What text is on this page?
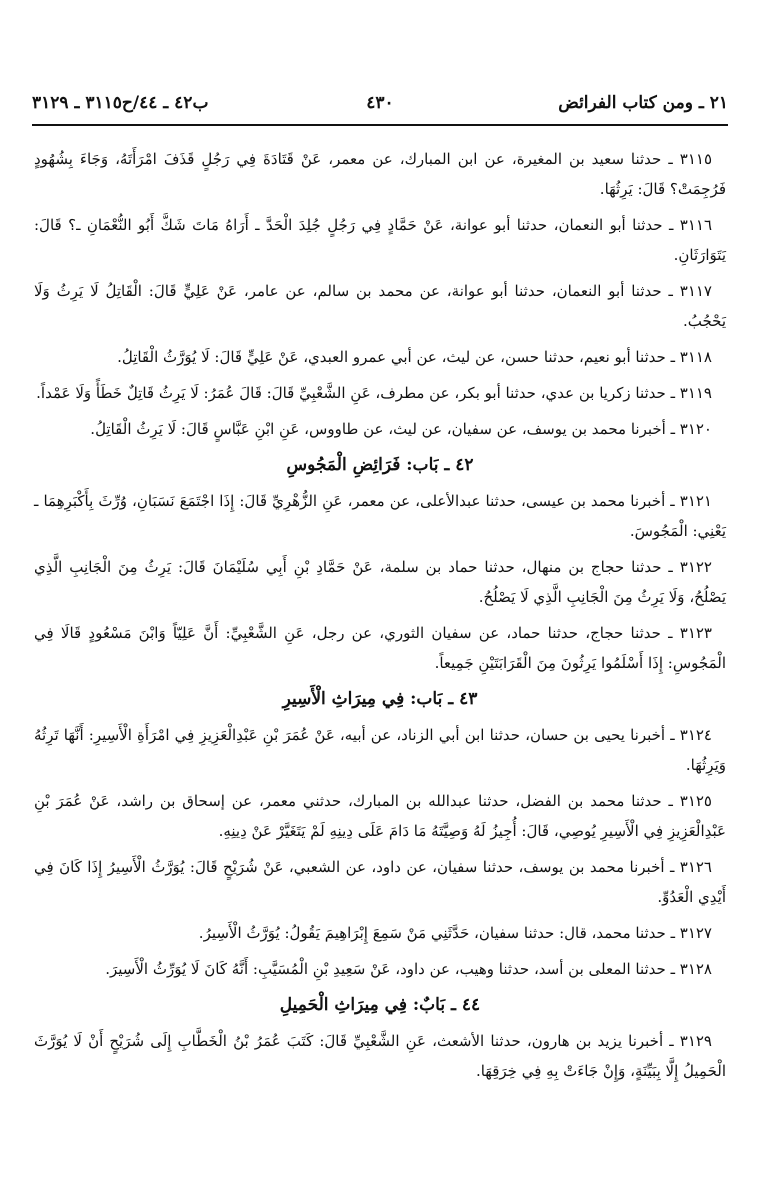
٢١ ـ ومن كتاب الفرائض
٤٣٠
ب٤٢ ـ ٤٤/ح٣١١٥ ـ ٣١٢٩

٣١١٥ ـ حدثنا سعيد بن المغيرة، عن ابن المبارك، عن معمر، عَنْ قَتَادَةَ فِي رَجُلٍ قَذَفَ امْرَأَتَهُ، وَجَاءَ بِشُهُودٍ فَرُجِمَتْ؟ قَالَ: يَرِثُهَا.

٣١١٦ ـ حدثنا أبو النعمان، حدثنا أبو عوانة، عَنْ حَمَّادٍ فِي رَجُلٍ جُلِدَ الْحَدَّ ـ أَرَاهُ مَاتَ شَكَّ أَبُو النُّعْمَانِ ـ؟ قَالَ: يَتَوَارَثَانِ.

٣١١٧ ـ حدثنا أبو النعمان، حدثنا أبو عوانة، عن محمد بن سالم، عن عامر، عَنْ عَلِيٍّ قَالَ: الْقَاتِلُ لَا يَرِثُ وَلَا يَحْجُبُ.

٣١١٨ ـ حدثنا أبو نعيم، حدثنا حسن، عن ليث، عن أبي عمرو العبدي، عَنْ عَلِيٍّ قَالَ: لَا يُوَرَّثُ الْقَاتِلُ.

٣١١٩ ـ حدثنا زكريا بن عدي، حدثنا أبو بكر، عن مطرف، عَنِ الشَّعْبِيِّ قَالَ: قَالَ عُمَرُ: لَا يَرِثُ قَاتِلٌ خَطَأً وَلَا عَمْداً.

٣١٢٠ ـ أخبرنا محمد بن يوسف، عن سفيان، عن ليث، عن طاووس، عَنِ ابْنِ عَبَّاسٍ قَالَ: لَا يَرِثُ الْقَاتِلُ.

٤٢ ـ بَاب: فَرَائِضِ الْمَجُوسِ

٣١٢١ ـ أخبرنا محمد بن عيسى، حدثنا عبدالأعلى، عن معمر، عَنِ الزُّهْرِيِّ قَالَ: إِذَا اجْتَمَعَ نَسَبَانِ، وُرِّثَ بِأَكْبَرِهِمَا ـ يَعْنِي: الْمَجُوسَ.

٣١٢٢ ـ حدثنا حجاج بن منهال، حدثنا حماد بن سلمة، عَنْ حَمَّادِ بْنِ أَبِي سُلَيْمَانَ قَالَ: يَرِثُ مِنَ الْجَانِبِ الَّذِي يَصْلُحُ، وَلَا يَرِثُ مِنَ الْجَانِبِ الَّذِي لَا يَصْلُحُ.

٣١٢٣ ـ حدثنا حجاج، حدثنا حماد، عن سفيان الثوري، عن رجل، عَنِ الشَّعْبِيِّ: أَنَّ عَلِيّاً وَابْنَ مَسْعُودٍ قَالَا فِي الْمَجُوسِ: إِذَا أَسْلَمُوا يَرِثُونَ مِنَ الْقَرَابَتَيْنِ جَمِيعاً.

٤٣ ـ بَاب: فِي مِيرَاثِ الْأَسِيرِ

٣١٢٤ ـ أخبرنا يحيى بن حسان، حدثنا ابن أبي الزناد، عن أبيه، عَنْ عُمَرَ بْنِ عَبْدِالْعَزِيزِ فِي امْرَأَةِ الْأَسِيرِ: أَنَّهَا تَرِثُهُ وَيَرِثُهَا.

٣١٢٥ ـ حدثنا محمد بن الفضل، حدثنا عبدالله بن المبارك، حدثني معمر، عن إسحاق بن راشد، عَنْ عُمَرَ بْنِ عَبْدِالْعَزِيزِ فِي الْأَسِيرِ يُوصِي، قَالَ: أُجِيزُ لَهُ وَصِيَّتَهُ مَا دَامَ عَلَى دِينِهِ لَمْ يَتَغَيَّرْ عَنْ دِينِهِ.

٣١٢٦ ـ أخبرنا محمد بن يوسف، حدثنا سفيان، عن داود، عن الشعبي، عَنْ شُرَيْحٍ قَالَ: يُوَرَّثُ الْأَسِيرُ إِذَا كَانَ فِي أَيْدِي الْعَدُوِّ.

٣١٢٧ ـ حدثنا محمد، قال: حدثنا سفيان، حَدَّثَنِي مَنْ سَمِعَ إِبْرَاهِيمَ يَقُولُ: يُوَرَّثُ الْأَسِيرُ.

٣١٢٨ ـ حدثنا المعلى بن أسد، حدثنا وهيب، عن داود، عَنْ سَعِيدِ بْنِ الْمُسَيَّبِ: أَنَّهُ كَانَ لَا يُوَرِّثُ الْأَسِيرَ.

٤٤ ـ بَابٌ: فِي مِيرَاثِ الْحَمِيلِ

٣١٢٩ ـ أخبرنا يزيد بن هارون، حدثنا الأشعث، عَنِ الشَّعْبِيِّ قَالَ: كَتَبَ عُمَرُ بْنُ الْخَطَّابِ إِلَى شُرَيْحٍ أَنْ لَا يُوَرَّثَ الْحَمِيلُ إِلَّا بِبَيِّنَةٍ، وَإِنْ جَاءَتْ بِهِ فِي خِرَقِهَا.
